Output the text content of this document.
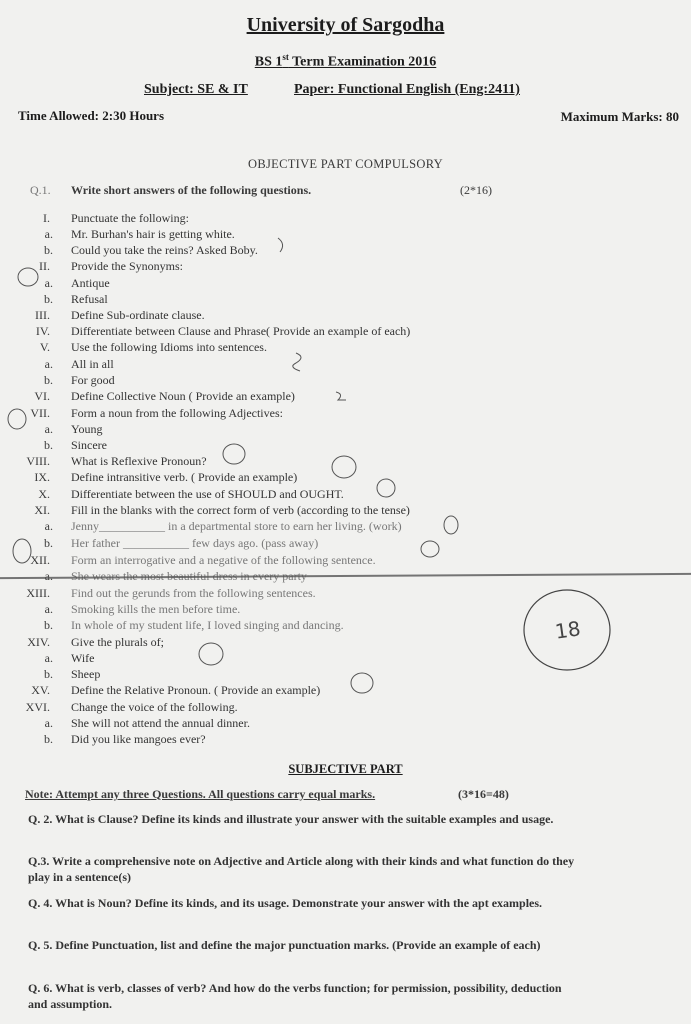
University of Sargodha
BS 1st Term Examination 2016
Subject: SE & IT	Paper: Functional English (Eng:2411)
Time Allowed: 2:30 Hours	Maximum Marks: 80
OBJECTIVE PART COMPULSORY
Q.1. Write short answers of the following questions.	(2*16)
I. Punctuate the following:
a. Mr. Burhan's hair is getting white.
b. Could you take the reins? Asked Boby.
II. Provide the Synonyms:
a. Antique
b. Refusal
III. Define Sub-ordinate clause.
IV. Differentiate between Clause and Phrase( Provide an example of each)
V. Use the following Idioms into sentences.
a. All in all
b. For good
VI. Define Collective Noun ( Provide an example)
VII. Form a noun from the following Adjectives:
a. Young
b. Sincere
VIII. What is Reflexive Pronoun?
IX. Define intransitive verb. ( Provide an example)
X. Differentiate between the use of SHOULD and OUGHT.
XI. Fill in the blanks with the correct form of verb (according to the tense)
a. Jenny___________ in a departmental store to earn her living. (work)
b. Her father ___________ few days ago. (pass away)
XII. Form an interrogative and a negative of the following sentence.
XIII. Find out the gerunds from the following sentences.
a. Smoking kills the men before time.
b. In whole of my student life, I loved singing and dancing.
XIV. Give the plurals of;
a. Wife
b. Sheep
XV. Define the Relative Pronoun. ( Provide an example)
XVI. Change the voice of the following.
a. She will not attend the annual dinner.
b. Did you like mangoes ever?
SUBJECTIVE PART
Note: Attempt any three Questions. All questions carry equal marks.	(3*16=48)
Q. 2. What is Clause? Define its kinds and illustrate your answer with the suitable examples and usage.
Q.3. Write a comprehensive note on Adjective and Article along with their kinds and what function do they play in a sentence(s)
Q. 4. What is Noun? Define its kinds, and its usage. Demonstrate your answer with the apt examples.
Q. 5. Define Punctuation, list and define the major punctuation marks. (Provide an example of each)
Q. 6. What is verb, classes of verb? And how do the verbs function; for permission, possibility, deduction and assumption.
18
